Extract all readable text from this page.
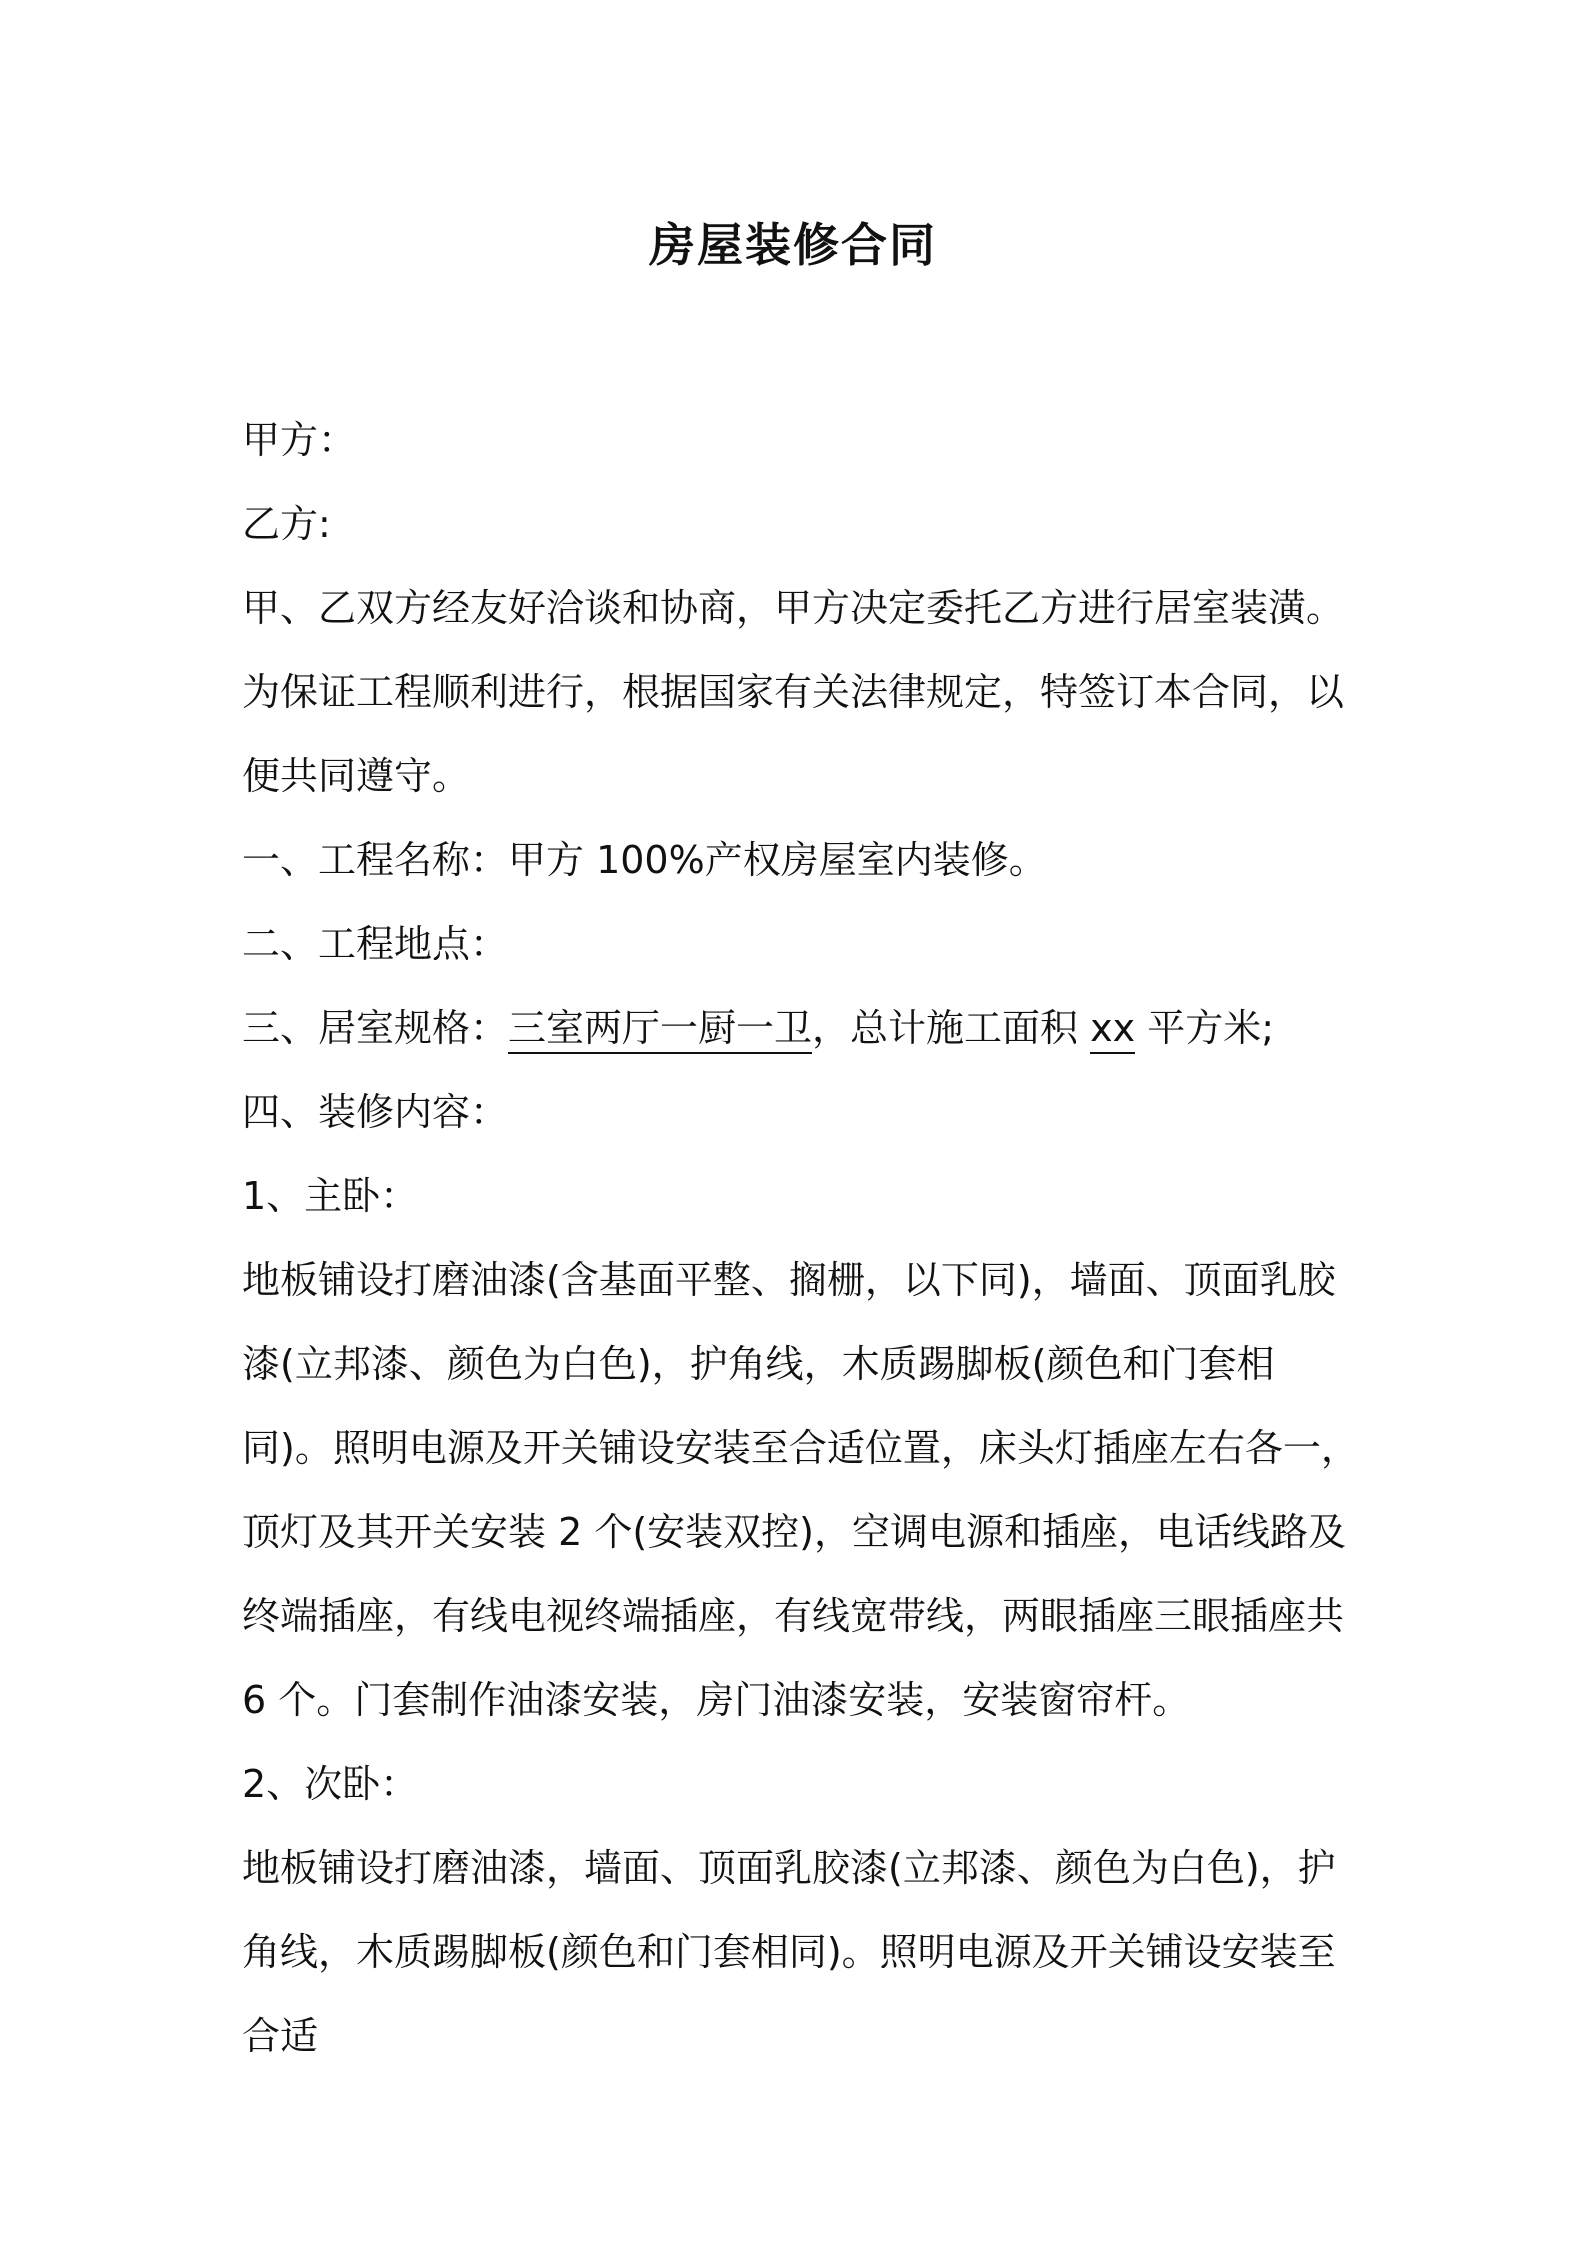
房屋装修合同

甲方：

乙方:

甲、乙双方经友好洽谈和协商，甲方决定委托乙方进行居室装潢。为保证工程顺利进行，根据国家有关法律规定，特签订本合同，以便共同遵守。

一、工程名称：甲方 100%产权房屋室内装修。

二、工程地点：

三、居室规格：三室两厅一厨一卫，总计施工面积 xx 平方米;

四、装修内容：

1、主卧：

地板铺设打磨油漆(含基面平整、搁栅，以下同)，墙面、顶面乳胶漆(立邦漆、颜色为白色)，护角线，木质踢脚板(颜色和门套相同)。照明电源及开关铺设安装至合适位置，床头灯插座左右各一，顶灯及其开关安装 2 个(安装双控)，空调电源和插座，电话线路及终端插座，有线电视终端插座，有线宽带线，两眼插座三眼插座共 6 个。门套制作油漆安装，房门油漆安装，安装窗帘杆。

2、次卧：

地板铺设打磨油漆，墙面、顶面乳胶漆(立邦漆、颜色为白色)，护角线，木质踢脚板(颜色和门套相同)。照明电源及开关铺设安装至合适
